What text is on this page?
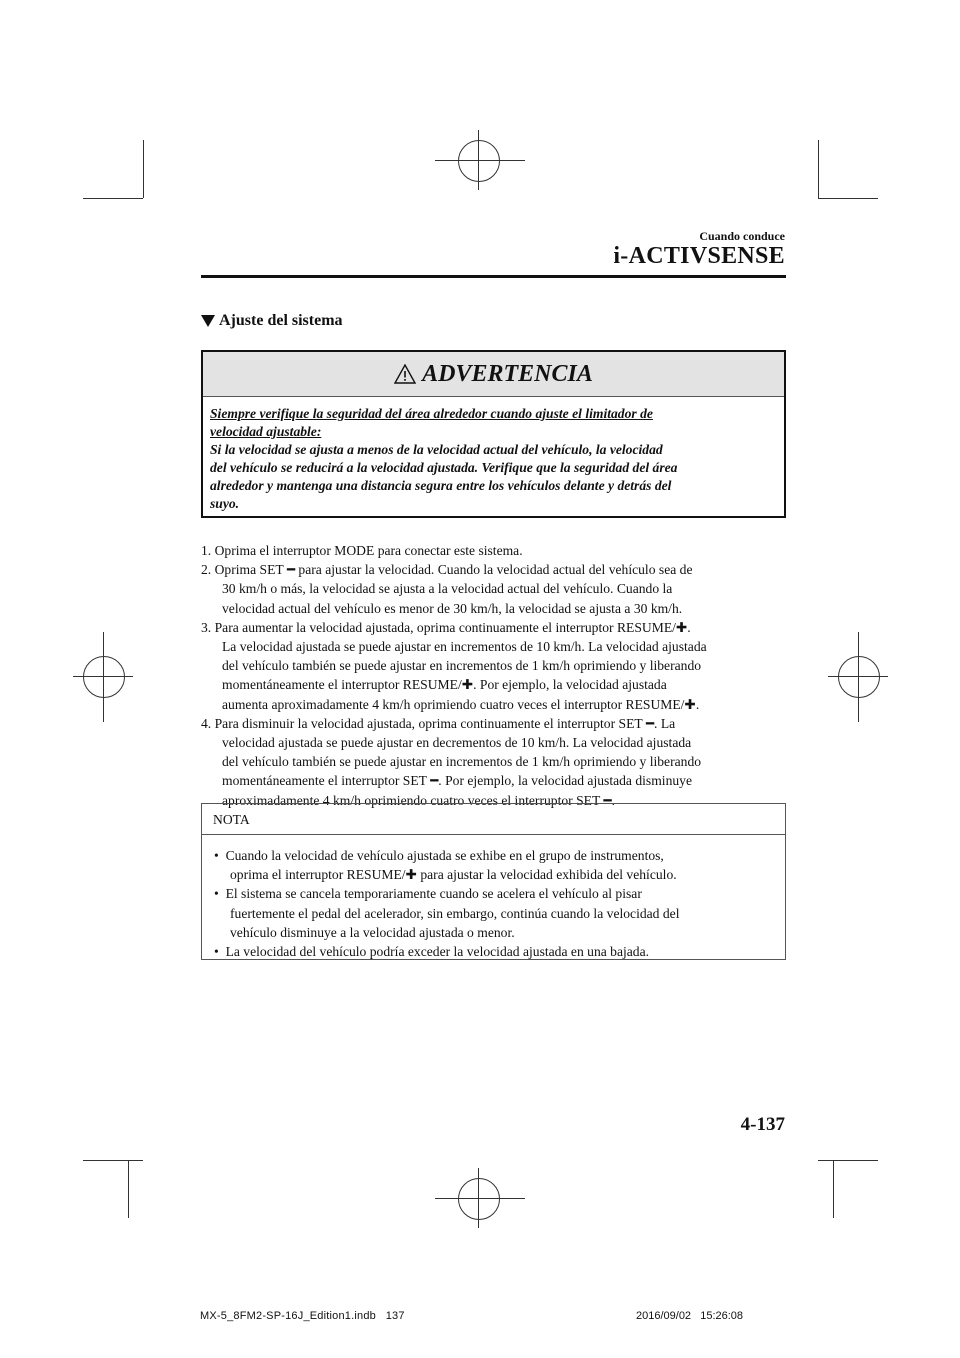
Cuando conduce
i-ACTIVSENSE
Ajuste del sistema
ADVERTENCIA
Siempre verifique la seguridad del área alrededor cuando ajuste el limitador de
velocidad ajustable:
Si la velocidad se ajusta a menos de la velocidad actual del vehículo, la velocidad
del vehículo se reducirá a la velocidad ajustada. Verifique que la seguridad del área
alrededor y mantenga una distancia segura entre los vehículos delante y detrás del
suyo.
1. Oprima el interruptor MODE para conectar este sistema.
2. Oprima SET ━ para ajustar la velocidad. Cuando la velocidad actual del vehículo sea de
30 km/h o más, la velocidad se ajusta a la velocidad actual del vehículo. Cuando la
velocidad actual del vehículo es menor de 30 km/h, la velocidad se ajusta a 30 km/h.
3. Para aumentar la velocidad ajustada, oprima continuamente el interruptor RESUME/✚.
La velocidad ajustada se puede ajustar en incrementos de 10 km/h. La velocidad ajustada
del vehículo también se puede ajustar en incrementos de 1 km/h oprimiendo y liberando
momentáneamente el interruptor RESUME/✚. Por ejemplo, la velocidad ajustada
aumenta aproximadamente 4 km/h oprimiendo cuatro veces el interruptor RESUME/✚.
4. Para disminuir la velocidad ajustada, oprima continuamente el interruptor SET ━. La
velocidad ajustada se puede ajustar en decrementos de 10 km/h. La velocidad ajustada
del vehículo también se puede ajustar en incrementos de 1 km/h oprimiendo y liberando
momentáneamente el interruptor SET ━. Por ejemplo, la velocidad ajustada disminuye
aproximadamente 4 km/h oprimiendo cuatro veces el interruptor SET ━.
NOTA
• Cuando la velocidad de vehículo ajustada se exhibe en el grupo de instrumentos,
oprima el interruptor RESUME/✚ para ajustar la velocidad exhibida del vehículo.
• El sistema se cancela temporariamente cuando se acelera el vehículo al pisar
fuertemente el pedal del acelerador, sin embargo, continúa cuando la velocidad del
vehículo disminuye a la velocidad ajustada o menor.
• La velocidad del vehículo podría exceder la velocidad ajustada en una bajada.
4-137
MX-5_8FM2-SP-16J_Edition1.indb   137	2016/09/02   15:26:08
